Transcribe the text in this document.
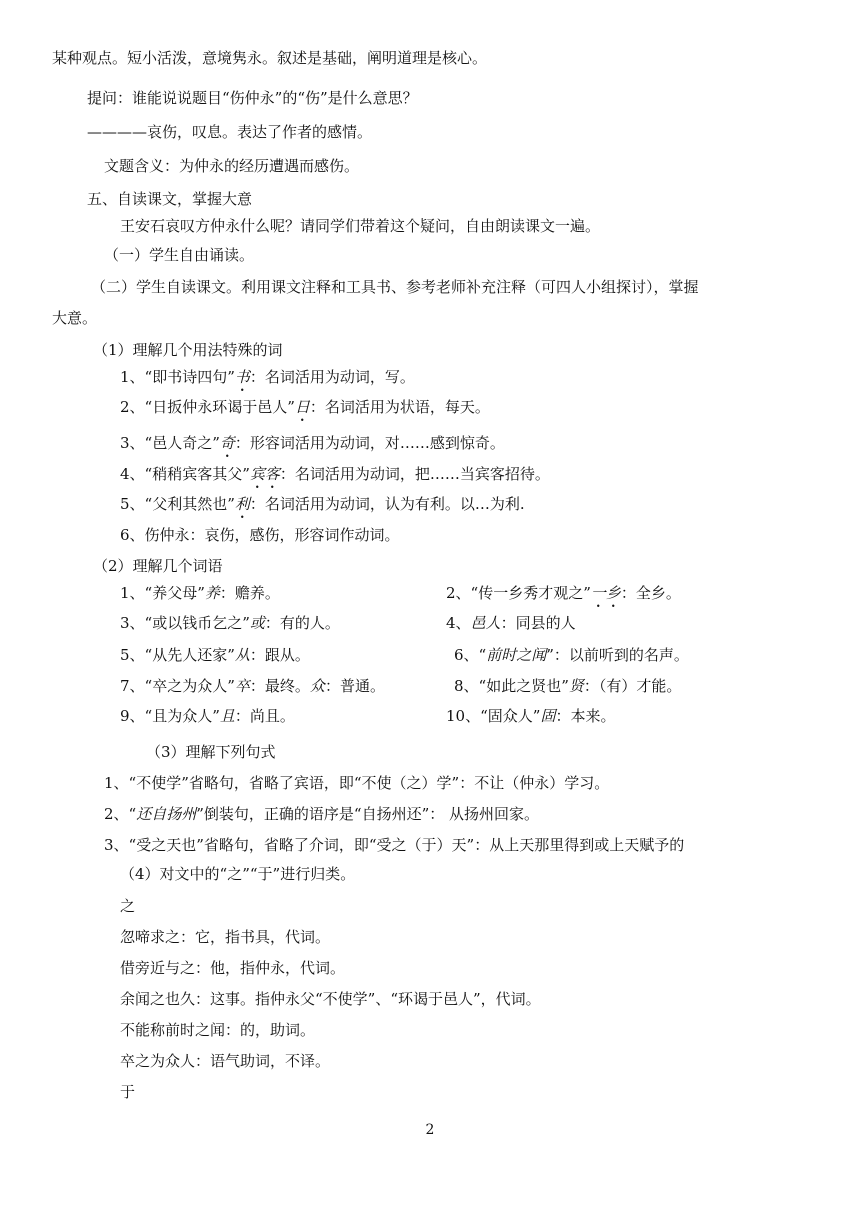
某种观点。短小活泼，意境隽永。叙述是基础，阐明道理是核心。
提问：谁能说说题目“伤仲永”的“伤”是什么意思？
————哀伤，叹息。表达了作者的感情。
文题含义：为仲永的经历遭遇而感伤。
五、自读课文，掌握大意
王安石哀叹方仲永什么呢？请同学们带着这个疑问，自由朗读课文一遍。
（一）学生自由诵读。
（二）学生自读课文。利用课文注释和工具书、参考老师补充注释（可四人小组探讨），掌握
大意。
（1）理解几个用法特殊的词
1、“即书诗四句”书：名词活用为动词，写。
2、“日扳仲永环谒于邑人”日：名词活用为状语，每天。
3、“邑人奇之”奇：形容词活用为动词，对……感到惊奇。
4、“稍稍宾客其父”宾客：名词活用为动词，把……当宾客招待。
5、“父利其然也”利：名词活用为动词，认为有利。以…为利.
6、伤仲永：哀伤，感伤，形容词作动词。
（2）理解几个词语
1、“养父母”养：赡养。	2、“传一乡秀才观之”一乡：全乡。
3、“或以钱币乞之”或：有的人。	4、邑人：同县的人
5、“从先人还家”从：跟从。	6、“前时之闻”：以前听到的名声。
7、“卒之为众人”卒：最终。众：普通。	8、“如此之贤也”贤：（有）才能。
9、“且为众人”且：尚且。	10、“固众人”固：本来。
（3）理解下列句式
1、“不使学”省略句，省略了宾语，即“不使（之）学”：不让（仲永）学习。
2、“还自扬州”倒装句，正确的语序是“自扬州还”： 从扬州回家。
3、“受之天也”省略句，省略了介词，即“受之（于）天”：从上天那里得到或上天赋予的
（4）对文中的“之”“于”进行归类。
之
忽啼求之：它，指书具，代词。
借旁近与之：他，指仲永，代词。
余闻之也久：这事。指仲永父“不使学”、“环谒于邑人”，代词。
不能称前时之闻：的，助词。
卒之为众人：语气助词，不译。
于
2
